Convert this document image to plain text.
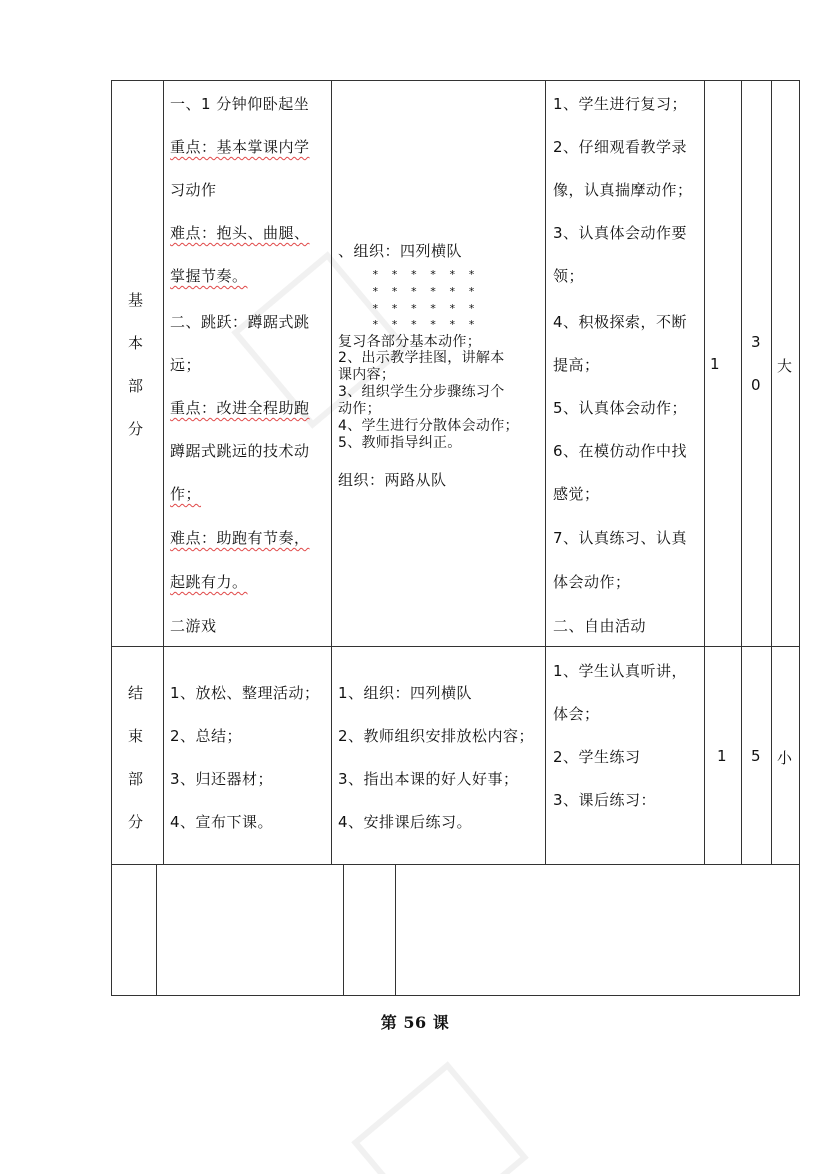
基
本
部
分
一、1 分钟仰卧起坐
重点：基本掌课内学
习动作
难点：抱头、曲腿、
掌握节奏。
二、跳跃：蹲踞式跳
远；
重点：改进全程助跑
蹲踞式跳远的技术动
作；
难点：助跑有节奏，
起跳有力。
二游戏
、组织：四列横队
* * * * * *
* * * * * *
* * * * * *
* * * * * *
复习各部分基本动作；
2、出示教学挂图，讲解本
课内容；
3、组织学生分步骤练习个
动作；
4、学生进行分散体会动作；
5、教师指导纠正。
组织：两路从队
1、学生进行复习；
2、仔细观看教学录
像，认真揣摩动作；
3、认真体会动作要
领；
4、积极探索，不断
提高；
5、认真体会动作；
6、在模仿动作中找
感觉；
7、认真练习、认真
体会动作；
二、自由活动
1
3
0
大
结
束
部
分
1、放松、整理活动；
2、总结；
3、归还器材；
4、宣布下课。
1、组织：四列横队
2、教师组织安排放松内容；
3、指出本课的好人好事；
4、安排课后练习。
1、学生认真听讲，
体会；
2、学生练习
3、课后练习：
1 5 小
第 56 课
